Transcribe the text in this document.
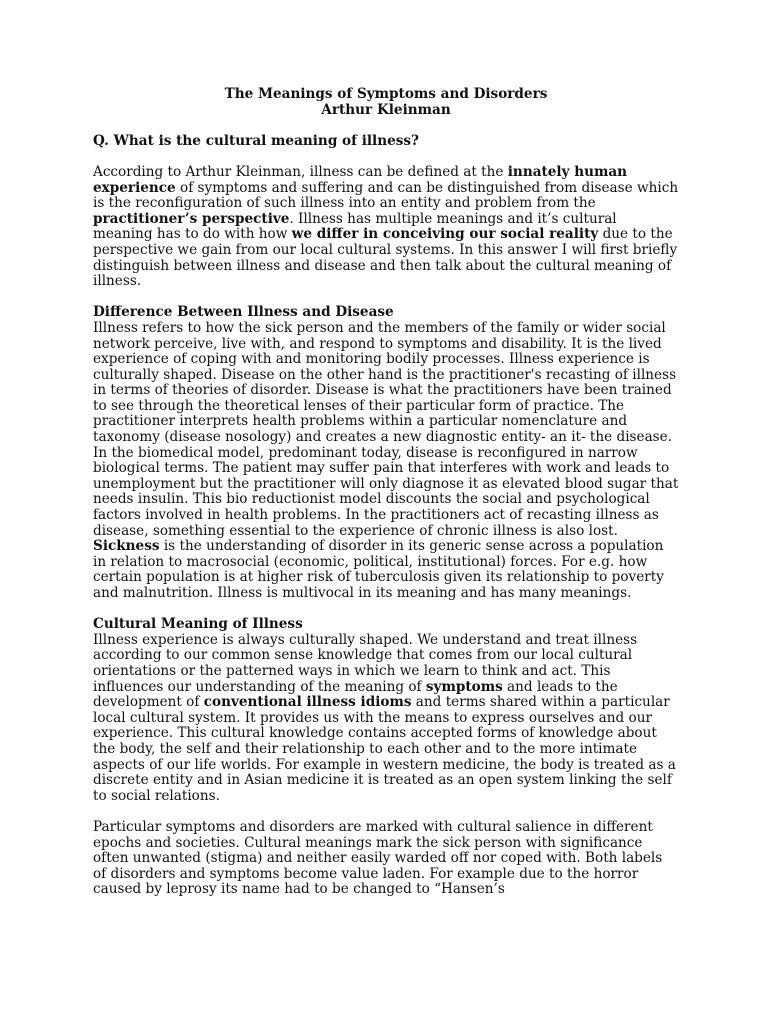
The Meanings of Symptoms and Disorders

Arthur Kleinman

Q. What is the cultural meaning of illness?

According to Arthur Kleinman, illness can be defined at the innately human experience of symptoms and suffering and can be distinguished from disease which is the reconfiguration of such illness into an entity and problem from the practitioner’s perspective. Illness has multiple meanings and it’s cultural meaning has to do with how we differ in conceiving our social reality due to the perspective we gain from our local cultural systems. In this answer I will first briefly distinguish between illness and disease and then talk about the cultural meaning of illness.

Difference Between Illness and Disease

Illness refers to how the sick person and the members of the family or wider social network perceive, live with, and respond to symptoms and disability. It is the lived experience of coping with and monitoring bodily processes. Illness experience is culturally shaped. Disease on the other hand is the practitioner's recasting of illness in terms of theories of disorder. Disease is what the practitioners have been trained to see through the theoretical lenses of their particular form of practice. The practitioner interprets health problems within a particular nomenclature and taxonomy (disease nosology) and creates a new diagnostic entity- an it- the disease. In the biomedical model, predominant today, disease is reconfigured in narrow biological terms. The patient may suffer pain that interferes with work and leads to unemployment but the practitioner will only diagnose it as elevated blood sugar that needs insulin. This bio reductionist model discounts the social and psychological factors involved in health problems. In the practitioners act of recasting illness as disease, something essential to the experience of chronic illness is also lost. Sickness is the understanding of disorder in its generic sense across a population in relation to macrosocial (economic, political, institutional) forces. For e.g. how certain population is at higher risk of tuberculosis given its relationship to poverty and malnutrition. Illness is multivocal in its meaning and has many meanings.

Cultural Meaning of Illness

Illness experience is always culturally shaped. We understand and treat illness according to our common sense knowledge that comes from our local cultural orientations or the patterned ways in which we learn to think and act. This influences our understanding of the meaning of symptoms and leads to the development of conventional illness idioms and terms shared within a particular local cultural system. It provides us with the means to express ourselves and our experience. This cultural knowledge contains accepted forms of knowledge about the body, the self and their relationship to each other and to the more intimate aspects of our life worlds. For example in western medicine, the body is treated as a discrete entity and in Asian medicine it is treated as an open system linking the self to social relations.

Particular symptoms and disorders are marked with cultural salience in different epochs and societies. Cultural meanings mark the sick person with significance often unwanted (stigma) and neither easily warded off nor coped with. Both labels of disorders and symptoms become value laden. For example due to the horror caused by leprosy its name had to be changed to “Hansen’s
